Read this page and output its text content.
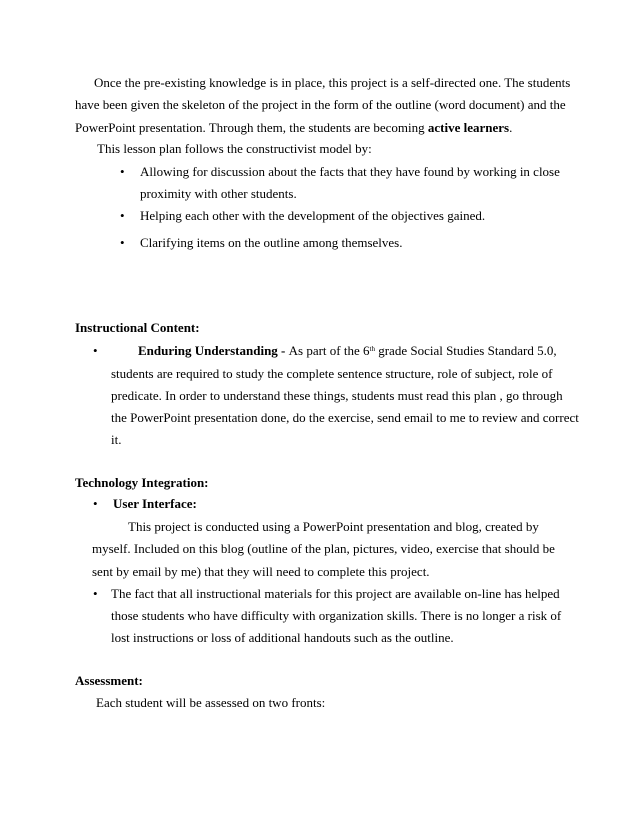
Once the pre-existing knowledge is in place, this project is a self-directed one. The students
have been given the skeleton of the project in the form of the outline (word document) and the
PowerPoint presentation. Through them, the students are becoming active learners.
This lesson plan follows the constructivist model by:
• Allowing for discussion about the facts that they have found by working in close
proximity with other students.
• Helping each other with the development of the objectives gained.
• Clarifying items on the outline among themselves.
Instructional Content:
•	Enduring Understanding - As part of the 6th grade Social Studies Standard 5.0,
students are required to study the complete sentence structure, role of subject, role of
predicate. In order to understand these things, students must read this plan , go through
the PowerPoint presentation done, do the exercise, send email to me to review and correct
it.
Technology Integration:
• User Interface:
This project is conducted using a PowerPoint presentation and blog, created by
myself. Included on this blog (outline of the plan, pictures, video, exercise that should be
sent by email by me) that they will need to complete this project.
• The fact that all instructional materials for this project are available on-line has helped
those students who have difficulty with organization skills. There is no longer a risk of
lost instructions or loss of additional handouts such as the outline.
Assessment:
Each student will be assessed on two fronts:
